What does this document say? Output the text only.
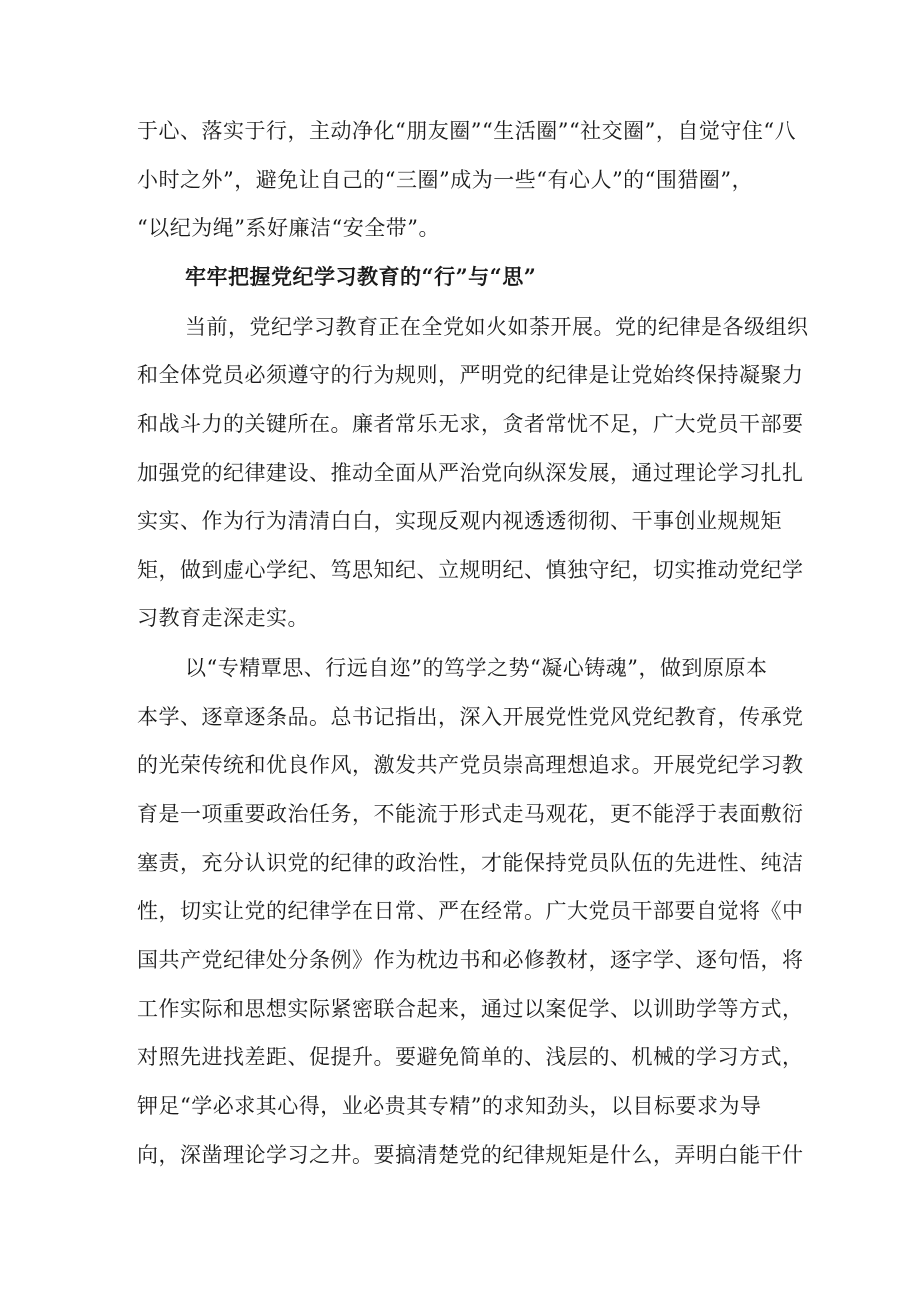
于心、落实于行，主动净化“朋友圈”“生活圈”“社交圈”，自觉守住“八
小时之外”，避免让自己的“三圈”成为一些“有心人”的“围猎圈”，
“以纪为绳”系好廉洁“安全带”。
牢牢把握党纪学习教育的“行”与“思”
当前，党纪学习教育正在全党如火如荼开展。党的纪律是各级组织
和全体党员必须遵守的行为规则，严明党的纪律是让党始终保持凝聚力
和战斗力的关键所在。廉者常乐无求，贪者常忧不足，广大党员干部要
加强党的纪律建设、推动全面从严治党向纵深发展，通过理论学习扎扎
实实、作为行为清清白白，实现反观内视透透彻彻、干事创业规规矩
矩，做到虚心学纪、笃思知纪、立规明纪、慎独守纪，切实推动党纪学
习教育走深走实。
以“专精覃思、行远自迩”的笃学之势“凝心铸魂”，做到原原本
本学、逐章逐条品。总书记指出，深入开展党性党风党纪教育，传承党
的光荣传统和优良作风，激发共产党员崇高理想追求。开展党纪学习教
育是一项重要政治任务，不能流于形式走马观花，更不能浮于表面敷衍
塞责，充分认识党的纪律的政治性，才能保持党员队伍的先进性、纯洁
性，切实让党的纪律学在日常、严在经常。广大党员干部要自觉将《中
国共产党纪律处分条例》作为枕边书和必修教材，逐字学、逐句悟，将
工作实际和思想实际紧密联合起来，通过以案促学、以训助学等方式，
对照先进找差距、促提升。要避免简单的、浅层的、机械的学习方式，
钾足“学必求其心得，业必贵其专精”的求知劲头，以目标要求为导
向，深凿理论学习之井。要搞清楚党的纪律规矩是什么，弄明白能干什
